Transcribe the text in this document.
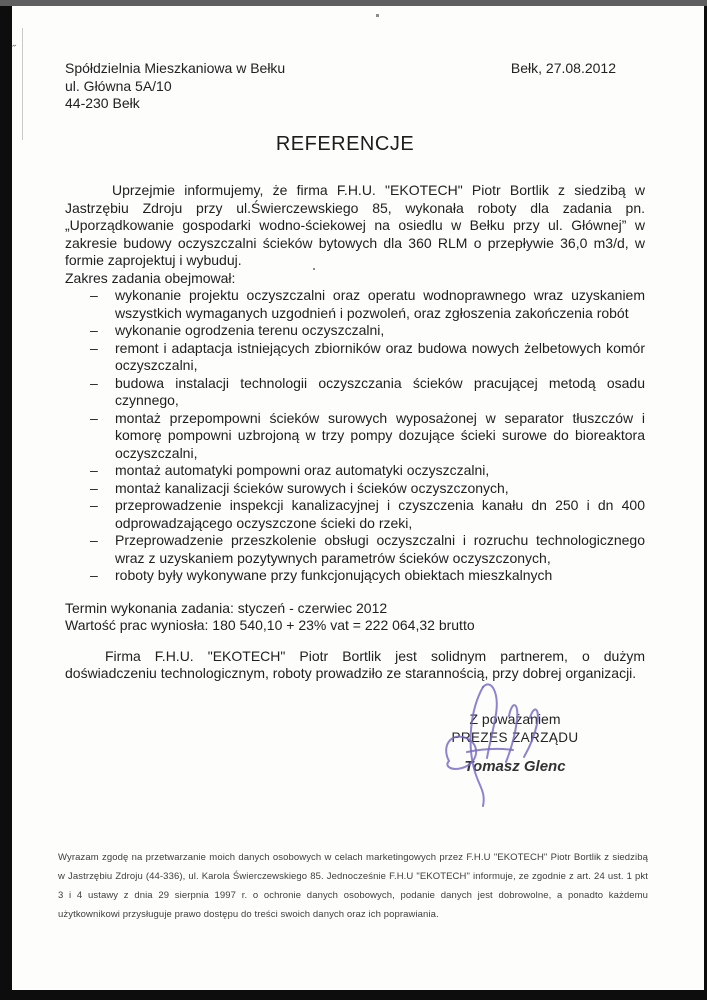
˝
Spółdzielnia Mieszkaniowa w Bełku
ul. Główna 5A/10
44-230 Bełk
Bełk, 27.08.2012
REFERENCJE

Uprzejmie informujemy, że firma F.H.U. "EKOTECH" Piotr Bortlik z siedzibą w Jastrzębiu Zdroju przy ul.Świerczewskiego 85, wykonała roboty dla zadania pn. „Uporządkowanie gospodarki wodno-ściekowej na osiedlu w Bełku przy ul. Głównej” w zakresie budowy oczyszczalni ścieków bytowych dla 360 RLM o przepływie 36,0 m3/d, w formie zaprojektuj i wybuduj.

Zakres zadania obejmował:

–	wykonanie projektu oczyszczalni oraz operatu wodnoprawnego wraz uzyskaniem wszystkich wymaganych uzgodnień i pozwoleń, oraz zgłoszenia zakończenia robót
–	wykonanie ogrodzenia terenu oczyszczalni,
–	remont i adaptacja istniejących zbiorników oraz budowa nowych żelbetowych komór oczyszczalni,
–	budowa instalacji technologii oczyszczania ścieków pracującej metodą osadu czynnego,
–	montaż przepompowni ścieków surowych wyposażonej w separator tłuszczów i komorę pompowni uzbrojoną w trzy pompy dozujące ścieki surowe do bioreaktora oczyszczalni,
–	montaż automatyki pompowni oraz automatyki oczyszczalni,
–	montaż kanalizacji ścieków surowych i ścieków oczyszczonych,
–	przeprowadzenie inspekcji kanalizacyjnej i czyszczenia kanału dn 250 i dn 400 odprowadzającego oczyszczone ścieki do rzeki,
–	Przeprowadzenie przeszkolenie obsługi oczyszczalni i rozruchu technologicznego wraz z uzyskaniem pozytywnych parametrów ścieków oczyszczonych,
–	roboty były wykonywane przy funkcjonujących obiektach mieszkalnych

Termin wykonania zadania: styczeń - czerwiec 2012

Wartość prac wyniosła: 180 540,10 + 23% vat = 222 064,32 brutto

Firma F.H.U. "EKOTECH" Piotr Bortlik jest solidnym partnerem, o dużym doświadczeniu technologicznym, roboty prowadziło ze starannością, przy dobrej organizacji.

Z poważaniem
PREZES ZARZĄDU
Tomasz Glenc
Wyrazam zgodę na przetwarzanie moich danych osobowych w celach marketingowych przez F.H.U "EKOTECH" Piotr Bortlik z siedzibą w Jastrzębiu Zdroju (44-336), ul. Karola Świerczewskiego 85. Jednocześnie F.H.U "EKOTECH" informuje, ze zgodnie z art. 24 ust. 1 pkt 3 i 4 ustawy z dnia 29 sierpnia 1997 r. o ochronie danych osobowych, podanie danych jest dobrowolne, a ponadto każdemu użytkownikowi przysługuje prawo dostępu do treści swoich danych oraz ich poprawiania.
